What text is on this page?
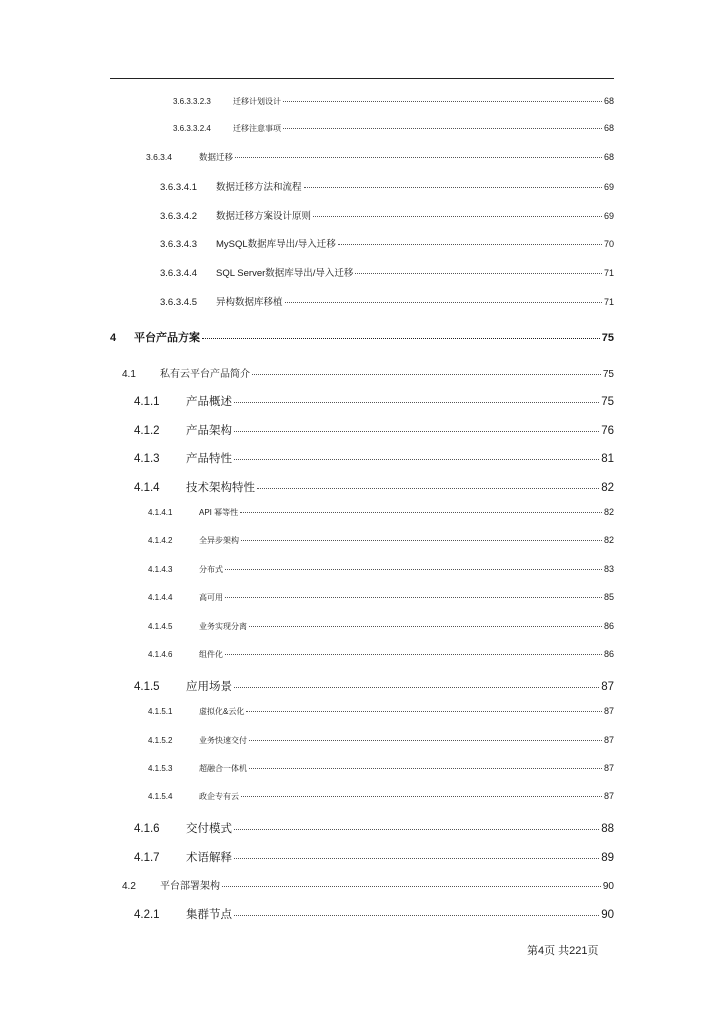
3.6.3.3.2.3	迁移计划设计	68
3.6.3.3.2.4	迁移注意事项	68
3.6.3.4	数据迁移	68
3.6.3.4.1	数据迁移方法和流程	69
3.6.3.4.2	数据迁移方案设计原则	69
3.6.3.4.3	MySQL数据库导出/导入迁移	70
3.6.3.4.4	SQL Server数据库导出/导入迁移	71
3.6.3.4.5	异构数据库移植	71
4	平台产品方案	75
4.1	私有云平台产品简介	75
4.1.1	产品概述	75
4.1.2	产品架构	76
4.1.3	产品特性	81
4.1.4	技术架构特性	82
4.1.4.1	API 幂等性	82
4.1.4.2	全异步架构	82
4.1.4.3	分布式	83
4.1.4.4	高可用	85
4.1.4.5	业务实现分离	86
4.1.4.6	组件化	86
4.1.5	应用场景	87
4.1.5.1	虚拟化&云化	87
4.1.5.2	业务快速交付	87
4.1.5.3	超融合一体机	87
4.1.5.4	政企专有云	87
4.1.6	交付模式	88
4.1.7	术语解释	89
4.2	平台部署架构	90
4.2.1	集群节点	90
第4页 共221页
